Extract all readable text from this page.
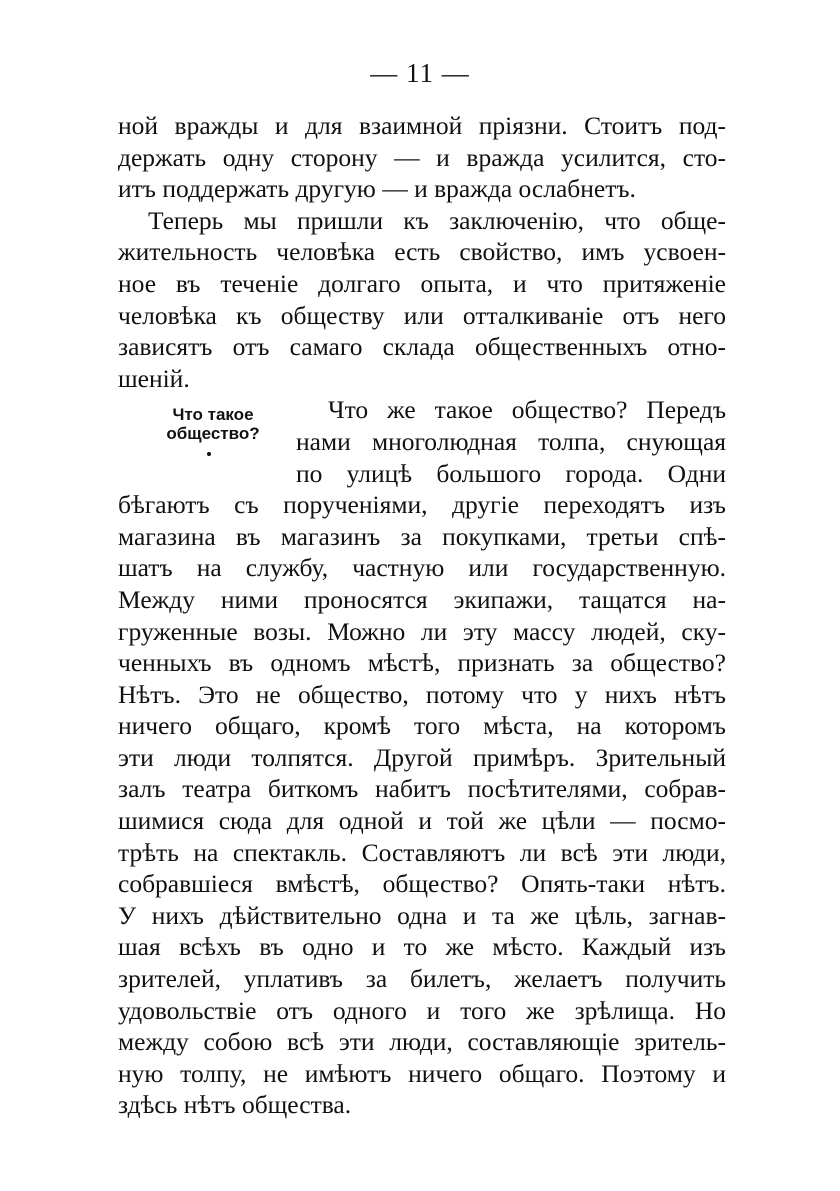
— 11 —
ной вражды и для взаимной пріязни. Стоитъ под-
держать одну сторону — и вражда усилится, сто-
итъ поддержать другую — и вражда ослабнетъ.
Теперь мы пришли къ заключенію, что обще-
жительность человѣка есть свойство, имъ усвоен-
ное въ теченіе долгаго опыта, и что притяженіе
человѣка къ обществу или отталкиваніе отъ него
зависятъ отъ самаго склада общественныхъ отно-
шеній.
Что же такое общество? Передъ
нами многолюдная толпа, снующая
по улицѣ большого города. Одни
бѣгаютъ съ порученіями, другіе переходятъ изъ
магазина въ магазинъ за покупками, третьи спѣ-
шатъ на службу, частную или государственную.
Между ними проносятся экипажи, тащатся на-
груженные возы. Можно ли эту массу людей, ску-
ченныхъ въ одномъ мѣстѣ, признать за общество?
Нѣтъ. Это не общество, потому что у нихъ нѣтъ
ничего общаго, кромѣ того мѣста, на которомъ
эти люди толпятся. Другой примѣръ. Зрительный
залъ театра биткомъ набитъ посѣтителями, собрав-
шимися сюда для одной и той же цѣли — посмо-
трѣть на спектакль. Составляютъ ли всѣ эти люди,
собравшіеся вмѣстѣ, общество? Опять-таки нѣтъ.
У нихъ дѣйствительно одна и та же цѣль, загнав-
шая всѣхъ въ одно и то же мѣсто. Каждый изъ
зрителей, уплативъ за билетъ, желаетъ получить
удовольствіе отъ одного и того же зрѣлища. Но
между собою всѣ эти люди, составляющіе зритель-
ную толпу, не имѣютъ ничего общаго. Поэтому и
здѣсь нѣтъ общества.
Что такое
общество?
